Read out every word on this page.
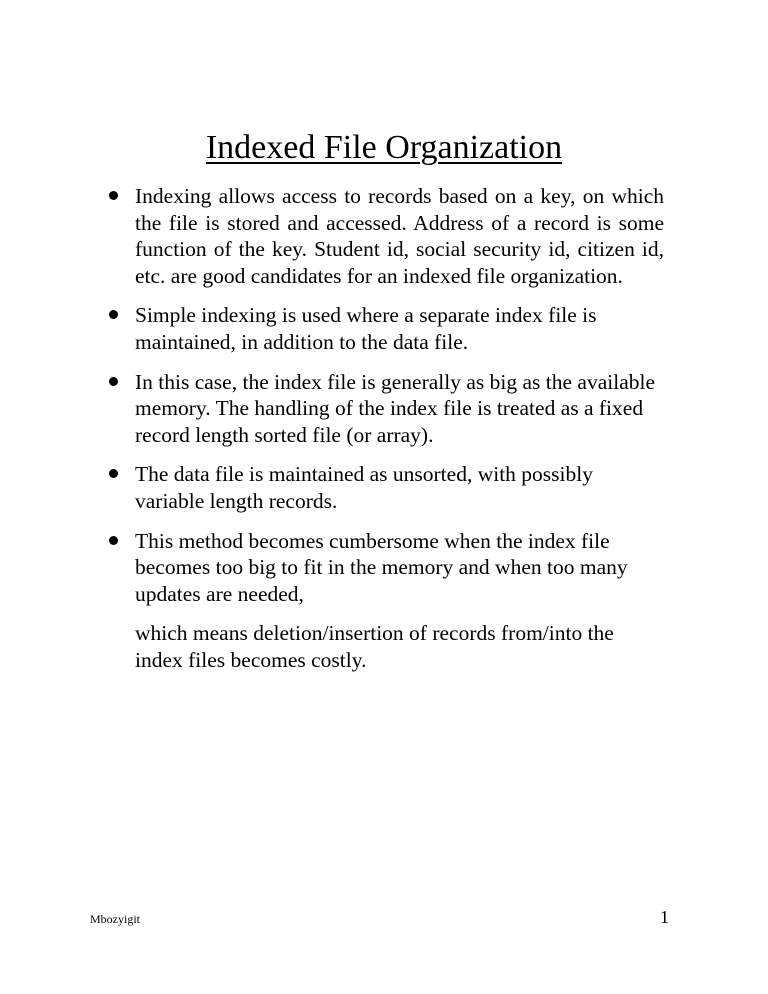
Indexed File Organization
Indexing allows access to records based on a key, on which the file is stored and accessed. Address of a record is some function of the key. Student id, social security id, citizen id, etc. are good candidates for an indexed file organization.
Simple indexing is used where a separate index file is maintained, in addition to the data file.
In this case, the index file is generally as big as the available memory. The handling of the index file is treated as a fixed record length sorted file (or array).
The data file is maintained as unsorted, with possibly variable length records.
This method becomes cumbersome when the index file becomes too big to fit in the memory and when too many updates are needed,
which means deletion/insertion of records from/into the index files becomes costly.
Mbozyigit	1
